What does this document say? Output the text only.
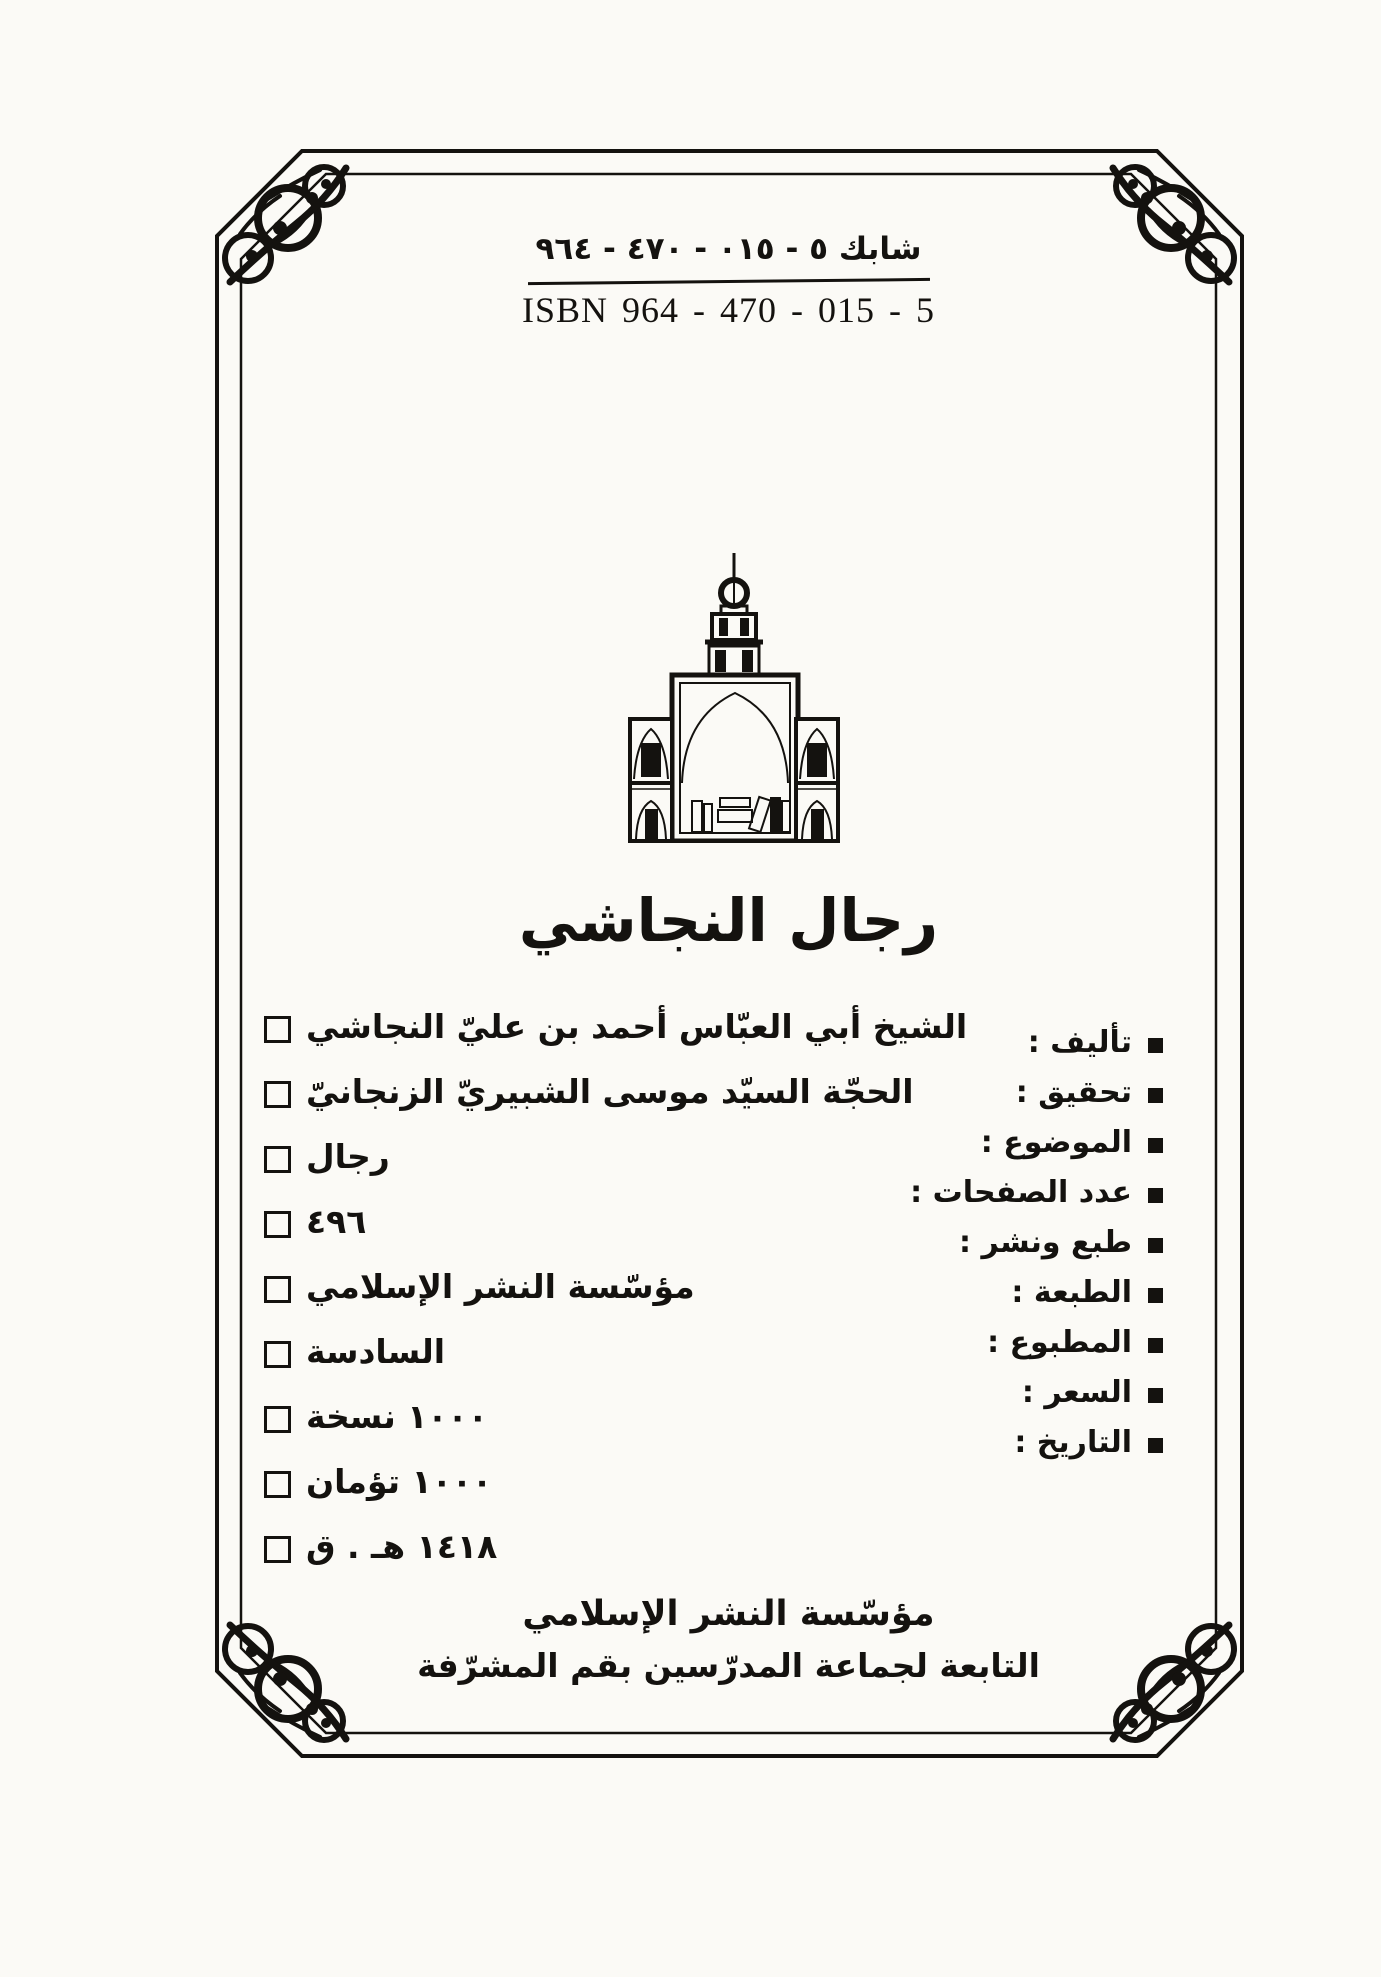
شابك ٥ - ٠١٥ - ٤٧٠ - ٩٦٤
ISBN 964 - 470 - 015 - 5
رجال النجاشي
الشيخ أبي العبّاس أحمد بن عليّ النجاشي
الحجّة السيّد موسى الشبيريّ الزنجانيّ
رجال
٤٩٦
مؤسّسة النشر الإسلامي
السادسة
١٠٠٠ نسخة
١٠٠٠ تؤمان
١٤١٨ هـ . ق
تأليف :
تحقيق :
الموضوع :
عدد الصفحات :
طبع ونشر :
الطبعة :
المطبوع :
السعر :
التاريخ :
مؤسّسة النشر الإسلامي
التابعة لجماعة المدرّسين بقم المشرّفة
